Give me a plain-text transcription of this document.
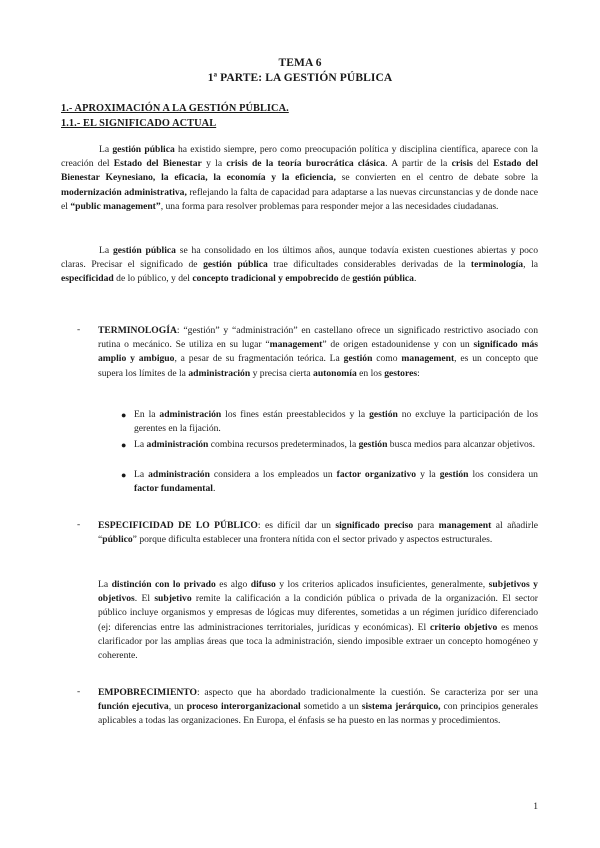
TEMA 6
1ª PARTE: LA GESTIÓN PÚBLICA
1.- APROXIMACIÓN A LA GESTIÓN PÚBLICA.
1.1.- EL SIGNIFICADO ACTUAL

La gestión pública ha existido siempre, pero como preocupación política y disciplina científica, aparece con la creación del Estado del Bienestar y la crisis de la teoría burocrática clásica. A partir de la crisis del Estado del Bienestar Keynesiano, la eficacia, la economía y la eficiencia, se convierten en el centro de debate sobre la modernización administrativa, reflejando la falta de capacidad para adaptarse a las nuevas circunstancias y de donde nace el “public management”, una forma para resolver problemas para responder mejor a las necesidades ciudadanas.

La gestión pública se ha consolidado en los últimos años, aunque todavía existen cuestiones abiertas y poco claras. Precisar el significado de gestión pública trae dificultades considerables derivadas de la terminología, la especificidad de lo público, y del concepto tradicional y empobrecido de gestión pública.

- TERMINOLOGÍA: “gestión” y “administración” en castellano ofrece un significado restrictivo asociado con rutina o mecánico. Se utiliza en su lugar “management” de origen estadounidense y con un significado más amplio y ambiguo, a pesar de su fragmentación teórica. La gestión como management, es un concepto que supera los límites de la administración y precisa cierta autonomía en los gestores:

● En la administración los fines están preestablecidos y la gestión no excluye la participación de los gerentes en la fijación.

● La administración combina recursos predeterminados, la gestión busca medios para alcanzar objetivos.

● La administración considera a los empleados un factor organizativo y la gestión los considera un factor fundamental.

- ESPECIFICIDAD DE LO PÚBLICO: es difícil dar un significado preciso para management al añadirle “público” porque dificulta establecer una frontera nítida con el sector privado y aspectos estructurales.

La distinción con lo privado es algo difuso y los criterios aplicados insuficientes, generalmente, subjetivos y objetivos. El subjetivo remite la calificación a la condición pública o privada de la organización. El sector público incluye organismos y empresas de lógicas muy diferentes, sometidas a un régimen jurídico diferenciado (ej: diferencias entre las administraciones territoriales, jurídicas y económicas). El criterio objetivo es menos clarificador por las amplias áreas que toca la administración, siendo imposible extraer un concepto homogéneo y coherente.

- EMPOBRECIMIENTO: aspecto que ha abordado tradicionalmente la cuestión. Se caracteriza por ser una función ejecutiva, un proceso interorganizacional sometido a un sistema jerárquico, con principios generales aplicables a todas las organizaciones. En Europa, el énfasis se ha puesto en las normas y procedimientos.

1
